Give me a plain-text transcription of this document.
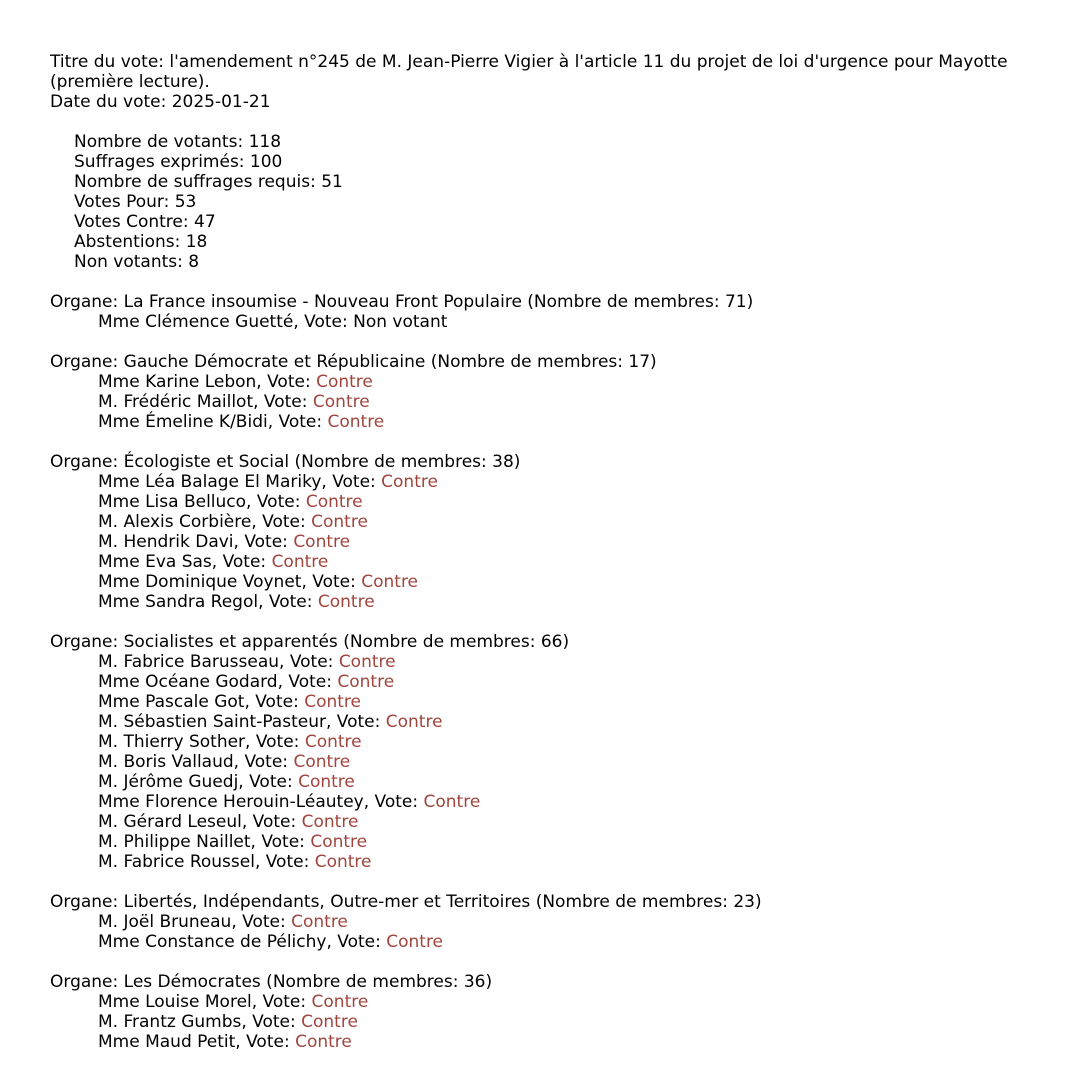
Titre du vote: l'amendement n°245 de M. Jean-Pierre Vigier à l'article 11 du projet de loi d'urgence pour Mayotte
(première lecture).
Date du vote: 2025-01-21
Nombre de votants: 118
Suffrages exprimés: 100
Nombre de suffrages requis: 51
Votes Pour: 53
Votes Contre: 47
Abstentions: 18
Non votants: 8
Organe: La France insoumise - Nouveau Front Populaire (Nombre de membres: 71)
Mme Clémence Guetté, Vote: Non votant
Organe: Gauche Démocrate et Républicaine (Nombre de membres: 17)
Mme Karine Lebon, Vote: Contre
M. Frédéric Maillot, Vote: Contre
Mme Émeline K/Bidi, Vote: Contre
Organe: Écologiste et Social (Nombre de membres: 38)
Mme Léa Balage El Mariky, Vote: Contre
Mme Lisa Belluco, Vote: Contre
M. Alexis Corbière, Vote: Contre
M. Hendrik Davi, Vote: Contre
Mme Eva Sas, Vote: Contre
Mme Dominique Voynet, Vote: Contre
Mme Sandra Regol, Vote: Contre
Organe: Socialistes et apparentés (Nombre de membres: 66)
M. Fabrice Barusseau, Vote: Contre
Mme Océane Godard, Vote: Contre
Mme Pascale Got, Vote: Contre
M. Sébastien Saint-Pasteur, Vote: Contre
M. Thierry Sother, Vote: Contre
M. Boris Vallaud, Vote: Contre
M. Jérôme Guedj, Vote: Contre
Mme Florence Herouin-Léautey, Vote: Contre
M. Gérard Leseul, Vote: Contre
M. Philippe Naillet, Vote: Contre
M. Fabrice Roussel, Vote: Contre
Organe: Libertés, Indépendants, Outre-mer et Territoires (Nombre de membres: 23)
M. Joël Bruneau, Vote: Contre
Mme Constance de Pélichy, Vote: Contre
Organe: Les Démocrates (Nombre de membres: 36)
Mme Louise Morel, Vote: Contre
M. Frantz Gumbs, Vote: Contre
Mme Maud Petit, Vote: Contre
